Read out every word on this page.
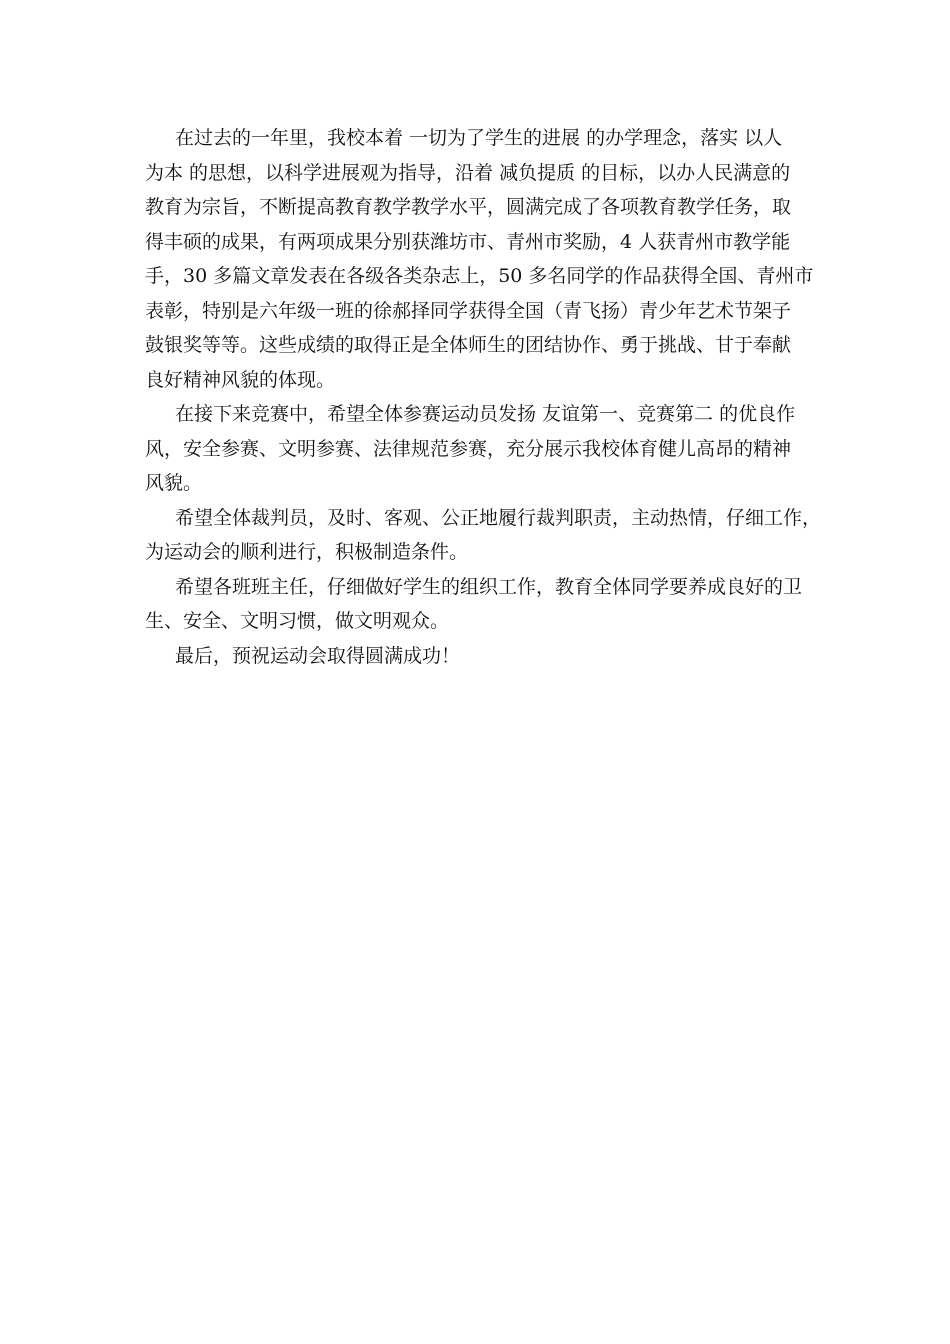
在过去的一年里，我校本着 一切为了学生的进展 的办学理念，落实 以人
为本 的思想，以科学进展观为指导，沿着 减负提质 的目标，以办人民满意的
教育为宗旨，不断提高教育教学教学水平，圆满完成了各项教育教学任务，取
得丰硕的成果，有两项成果分别获潍坊市、青州市奖励，4 人获青州市教学能
手，30 多篇文章发表在各级各类杂志上，50 多名同学的作品获得全国、青州市
表彰，特别是六年级一班的徐郝择同学获得全国（青飞扬）青少年艺术节架子
鼓银奖等等。这些成绩的取得正是全体师生的团结协作、勇于挑战、甘于奉献
良好精神风貌的体现。

在接下来竞赛中，希望全体参赛运动员发扬 友谊第一、竞赛第二 的优良作
风，安全参赛、文明参赛、法律规范参赛，充分展示我校体育健儿高昂的精神
风貌。

希望全体裁判员，及时、客观、公正地履行裁判职责，主动热情，仔细工作，
为运动会的顺利进行，积极制造条件。

希望各班班主任，仔细做好学生的组织工作，教育全体同学要养成良好的卫
生、安全、文明习惯，做文明观众。

最后，预祝运动会取得圆满成功！
